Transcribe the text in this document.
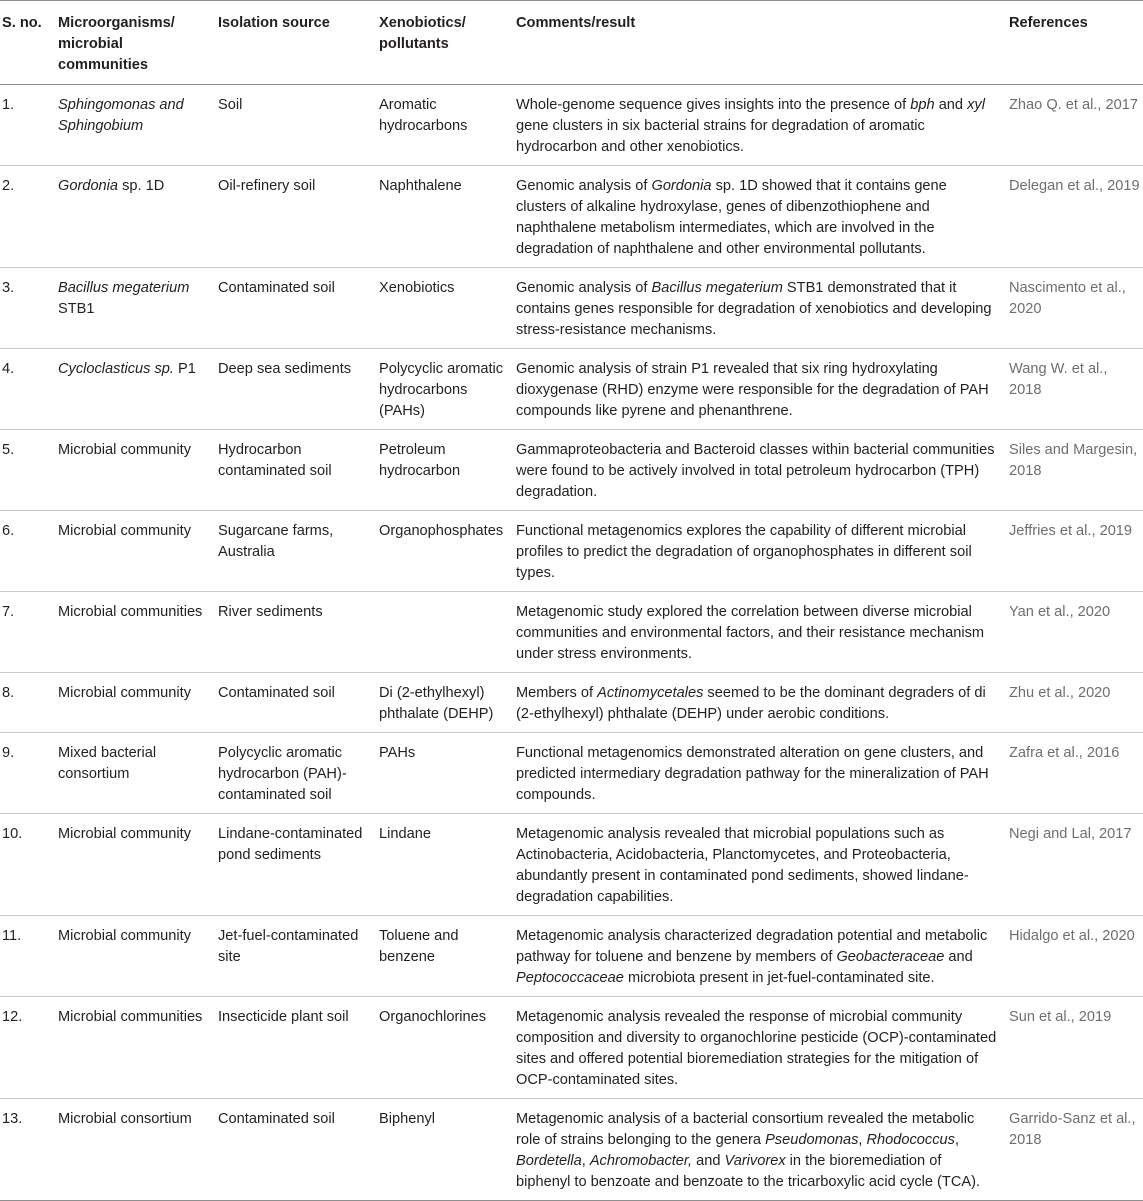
S. no.	Microorganisms/ microbial communities	Isolation source	Xenobiotics/ pollutants	Comments/result	References
1.	Sphingomonas and Sphingobium	Soil	Aromatic hydrocarbons	Whole-genome sequence gives insights into the presence of bph and xyl gene clusters in six bacterial strains for degradation of aromatic hydrocarbon and other xenobiotics.	Zhao Q. et al., 2017
2.	Gordonia sp. 1D	Oil-refinery soil	Naphthalene	Genomic analysis of Gordonia sp. 1D showed that it contains gene clusters of alkaline hydroxylase, genes of dibenzothiophene and naphthalene metabolism intermediates, which are involved in the degradation of naphthalene and other environmental pollutants.	Delegan et al., 2019
3.	Bacillus megaterium STB1	Contaminated soil	Xenobiotics	Genomic analysis of Bacillus megaterium STB1 demonstrated that it contains genes responsible for degradation of xenobiotics and developing stress-resistance mechanisms.	Nascimento et al., 2020
4.	Cycloclasticus sp. P1	Deep sea sediments	Polycyclic aromatic hydrocarbons (PAHs)	Genomic analysis of strain P1 revealed that six ring hydroxylating dioxygenase (RHD) enzyme were responsible for the degradation of PAH compounds like pyrene and phenanthrene.	Wang W. et al., 2018
5.	Microbial community	Hydrocarbon contaminated soil	Petroleum hydrocarbon	Gammaproteobacteria and Bacteroid classes within bacterial communities were found to be actively involved in total petroleum hydrocarbon (TPH) degradation.	Siles and Margesin, 2018
6.	Microbial community	Sugarcane farms, Australia	Organophosphates	Functional metagenomics explores the capability of different microbial profiles to predict the degradation of organophosphates in different soil types.	Jeffries et al., 2019
7.	Microbial communities	River sediments		Metagenomic study explored the correlation between diverse microbial communities and environmental factors, and their resistance mechanism under stress environments.	Yan et al., 2020
8.	Microbial community	Contaminated soil	Di (2-ethylhexyl) phthalate (DEHP)	Members of Actinomycetales seemed to be the dominant degraders of di (2-ethylhexyl) phthalate (DEHP) under aerobic conditions.	Zhu et al., 2020
9.	Mixed bacterial consortium	Polycyclic aromatic hydrocarbon (PAH)-contaminated soil	PAHs	Functional metagenomics demonstrated alteration on gene clusters, and predicted intermediary degradation pathway for the mineralization of PAH compounds.	Zafra et al., 2016
10.	Microbial community	Lindane-contaminated pond sediments	Lindane	Metagenomic analysis revealed that microbial populations such as Actinobacteria, Acidobacteria, Planctomycetes, and Proteobacteria, abundantly present in contaminated pond sediments, showed lindane-degradation capabilities.	Negi and Lal, 2017
11.	Microbial community	Jet-fuel-contaminated site	Toluene and benzene	Metagenomic analysis characterized degradation potential and metabolic pathway for toluene and benzene by members of Geobacteraceae and Peptococcaceae microbiota present in jet-fuel-contaminated site.	Hidalgo et al., 2020
12.	Microbial communities	Insecticide plant soil	Organochlorines	Metagenomic analysis revealed the response of microbial community composition and diversity to organochlorine pesticide (OCP)-contaminated sites and offered potential bioremediation strategies for the mitigation of OCP-contaminated sites.	Sun et al., 2019
13.	Microbial consortium	Contaminated soil	Biphenyl	Metagenomic analysis of a bacterial consortium revealed the metabolic role of strains belonging to the genera Pseudomonas, Rhodococcus, Bordetella, Achromobacter, and Varivorex in the bioremediation of biphenyl to benzoate and benzoate to the tricarboxylic acid cycle (TCA).	Garrido-Sanz et al., 2018
